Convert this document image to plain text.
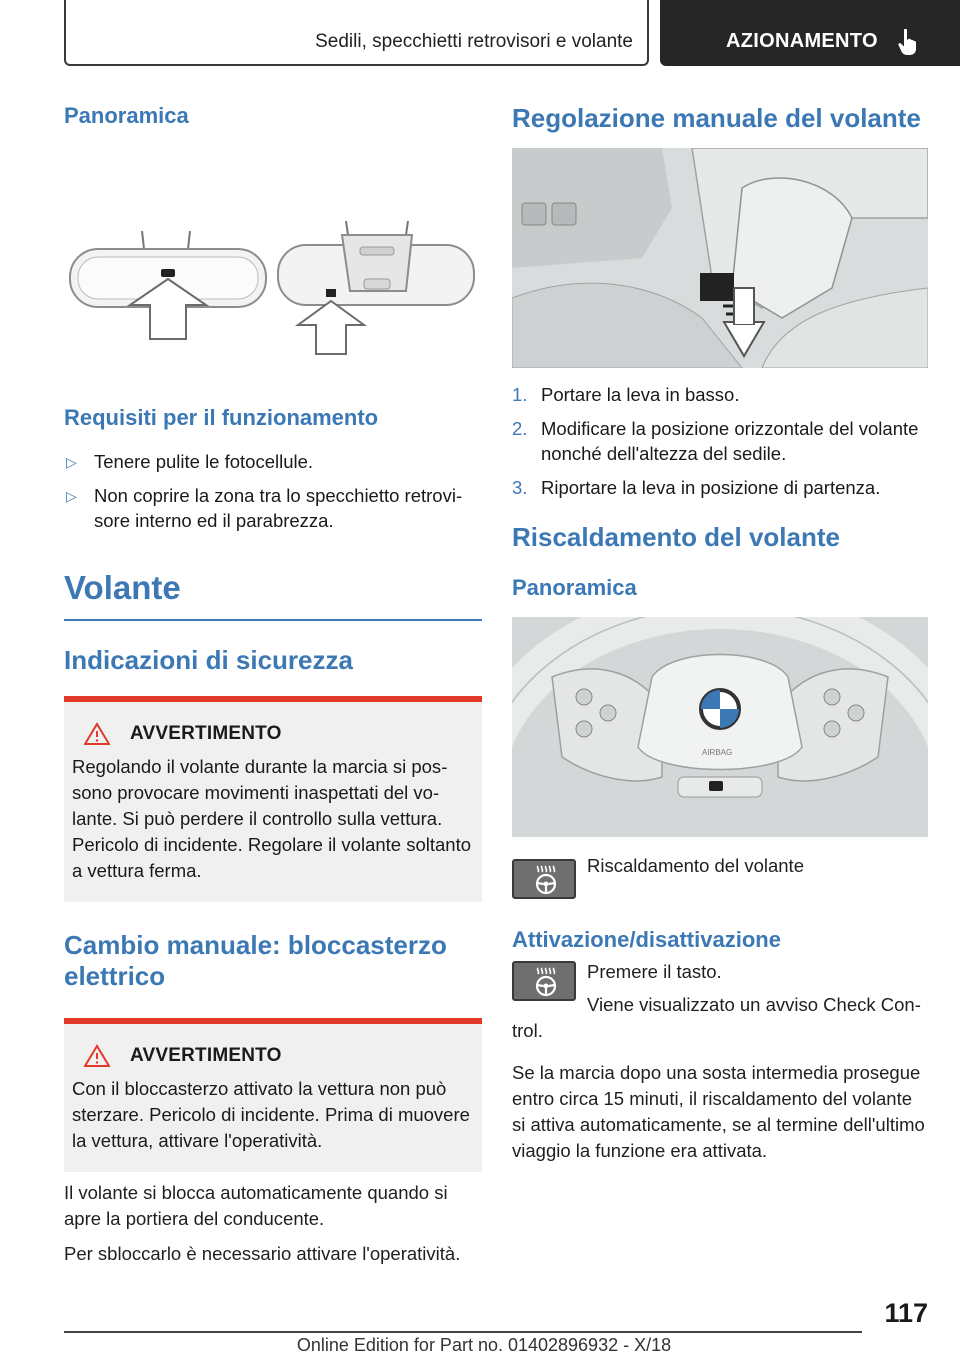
Sedili, specchietti retrovisori e volante	AZIONAMENTO
Panoramica
Requisiti per il funzionamento
▷ Tenere pulite le fotocellule.
▷ Non coprire la zona tra lo specchietto retrovisore interno ed il parabrezza.
Volante
Indicazioni di sicurezza
AVVERTIMENTO

Regolando il volante durante la marcia si possono provocare movimenti inaspettati del volante. Si può perdere il controllo sulla vettura. Pericolo di incidente. Regolare il volante soltanto a vettura ferma.

Cambio manuale: bloccasterzo elettrico
AVVERTIMENTO

Con il bloccasterzo attivato la vettura non può sterzare. Pericolo di incidente. Prima di muovere la vettura, attivare l'operatività.

Il volante si blocca automaticamente quando si apre la portiera del conducente.

Per sbloccarlo è necessario attivare l'operatività.

Regolazione manuale del volante
1. Portare la leva in basso.
2. Modificare la posizione orizzontale del volante nonché dell'altezza del sedile.
3. Riportare la leva in posizione di partenza.
Riscaldamento del volante
Panoramica
AIRBAG

Riscaldamento del volante

Attivazione/disattivazione

Premere il tasto.

Viene visualizzato un avviso Check Control.

Se la marcia dopo una sosta intermedia prosegue entro circa 15 minuti, il riscaldamento del volante si attiva automaticamente, se al termine dell'ultimo viaggio la funzione era attivata.

117
Online Edition for Part no. 01402896932 - X/18
